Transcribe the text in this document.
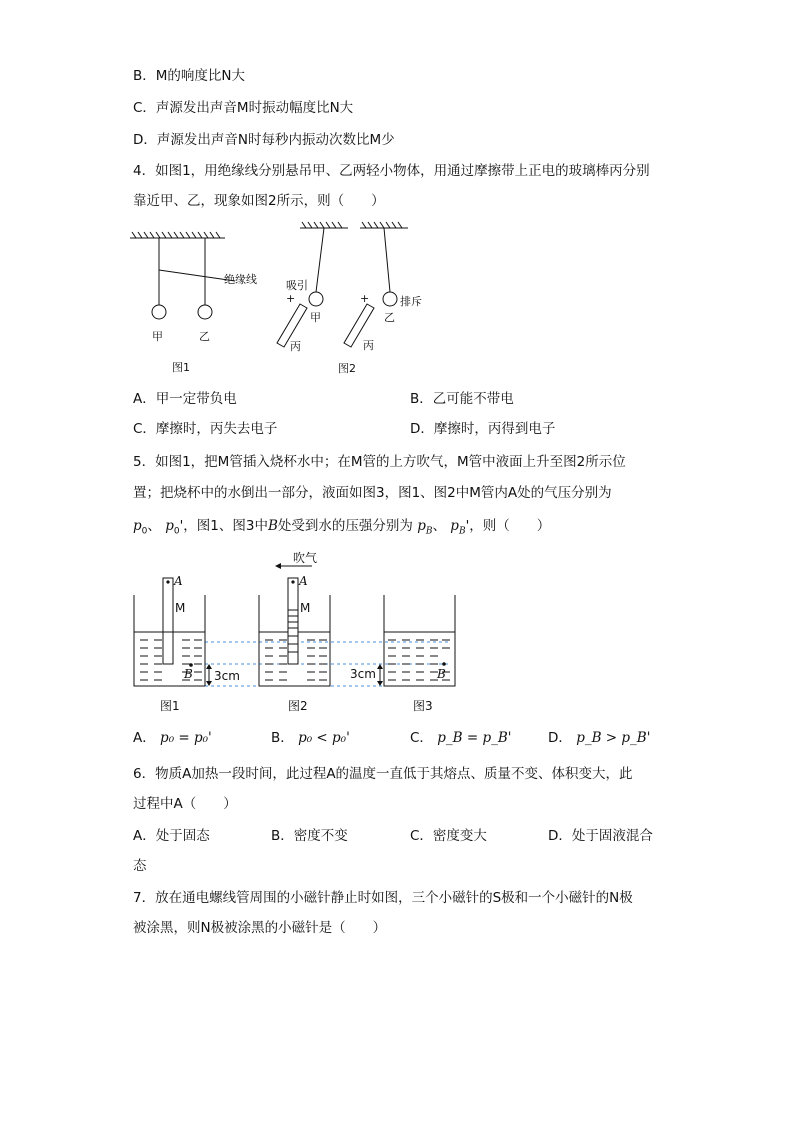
B．M的响度比N大
C．声源发出声音M时振动幅度比N大
D．声源发出声音N时每秒内振动次数比M少
4．如图1，用绝缘线分别悬吊甲、乙两轻小物体，用通过摩擦带上正电的玻璃棒丙分别
靠近甲、乙，现象如图2所示，则（　　）
绝缘线
甲	乙
图1
吸引
+
甲
+	排斥
乙
丙	丙
图2
A．甲一定带负电	B．乙可能不带电
C．摩擦时，丙失去电子	D．摩擦时，丙得到电子
5．如图1，把M管插入烧杯水中；在M管的上方吹气，M管中液面上升至图2所示位
置；把烧杯中的水倒出一部分，液面如图3，图1、图2中M管内A处的气压分别为
$p_0$、 $p_0'$，图1、图3中B处受到水的压强分别为 $p_B$、 $p_B'$，则（　　）
A
M
B
图1
3cm
吹气
A
M
图2
3cm	B
图3
A． p₀ = p₀'	B． p₀ < p₀'	C． p_B = p_B'	D． p_B > p_B'
6．物质A加热一段时间，此过程A的温度一直低于其熔点、质量不变、体积变大，此
过程中A（　　）
A．处于固态	B．密度不变	C．密度变大	D．处于固液混合
态
7．放在通电螺线管周围的小磁针静止时如图，三个小磁针的S极和一个小磁针的N极
被涂黑，则N极被涂黑的小磁针是（　　）
